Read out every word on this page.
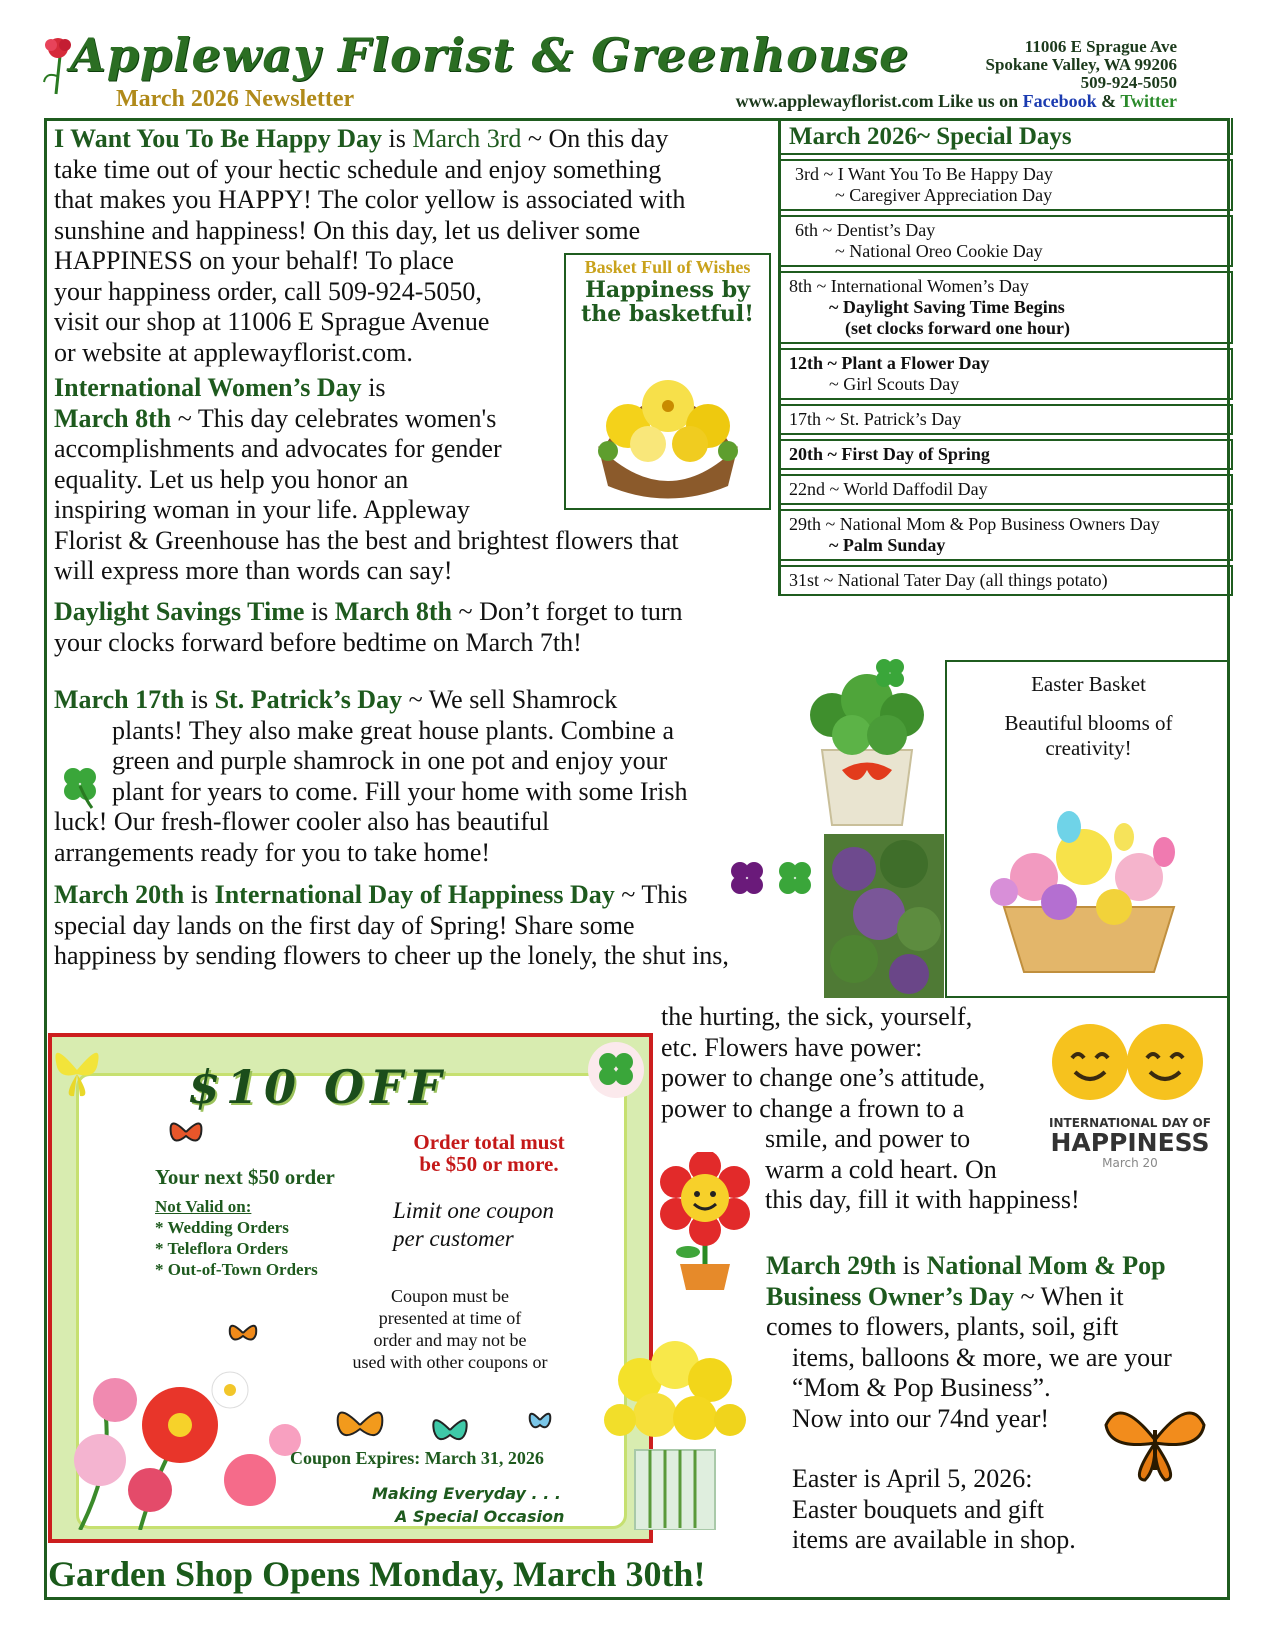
Appleway Florist & Greenhouse
March 2026 Newsletter
11006 E Sprague Ave
Spokane Valley, WA 99206
509-924-5050
www.applewayflorist.com Like us on Facebook & Twitter
I Want You To Be Happy Day is March 3rd ~ On this day
take time out of your hectic schedule and enjoy something
that makes you HAPPY! The color yellow is associated with
sunshine and happiness! On this day, let us deliver some
HAPPINESS on your behalf! To place
your happiness order, call 509-924-5050,
visit our shop at 11006 E Sprague Avenue
or website at applewayflorist.com.
Basket Full of Wishes
Happiness by
the basketful!
International Women’s Day is
March 8th ~ This day celebrates women's
accomplishments and advocates for gender
equality. Let us help you honor an
inspiring woman in your life. Appleway
Florist & Greenhouse has the best and brightest flowers that
will express more than words can say!
Daylight Savings Time is March 8th ~ Don’t forget to turn
your clocks forward before bedtime on March 7th!
March 17th is St. Patrick’s Day ~ We sell Shamrock
plants! They also make great house plants. Combine a
green and purple shamrock in one pot and enjoy your
plant for years to come. Fill your home with some Irish
luck! Our fresh-flower cooler also has beautiful
arrangements ready for you to take home!
March 20th is International Day of Happiness Day ~ This
special day lands on the first day of Spring! Share some
happiness by sending flowers to cheer up the lonely, the shut ins,
the hurting, the sick, yourself,
etc. Flowers have power:
power to change one’s attitude,
power to change a frown to a
smile, and power to
warm a cold heart. On
this day, fill it with happiness!
March 29th is National Mom & Pop
Business Owner’s Day ~ When it
comes to flowers, plants, soil, gift
items, balloons & more, we are your
“Mom & Pop Business”.
Now into our 74nd year!
Easter is April 5, 2026:
Easter bouquets and gift
items are available in shop.
March 2026~ Special Days
3rd ~ I Want You To Be Happy Day
~ Caregiver Appreciation Day
6th ~ Dentist’s Day
~ National Oreo Cookie Day
8th ~ International Women’s Day
~ Daylight Saving Time Begins
(set clocks forward one hour)
12th ~ Plant a Flower Day
~ Girl Scouts Day
17th ~ St. Patrick’s Day
20th ~ First Day of Spring
22nd ~ World Daffodil Day
29th ~ National Mom & Pop Business Owners Day
~ Palm Sunday
31st ~ National Tater Day (all things potato)
Easter Basket
Beautiful blooms of
creativity!
INTERNATIONAL DAY OF
HAPPINESS
March 20
$10 OFF
Order total must
be $50 or more.
Your next $50 order
Not Valid on:
* Wedding Orders
* Teleflora Orders
* Out-of-Town Orders
Limit one coupon
per customer
Coupon must be
presented at time of
order and may not be
used with other coupons or
Coupon Expires: March 31, 2026
Making Everyday . . .
A Special Occasion
Garden Shop Opens Monday, March 30th!
